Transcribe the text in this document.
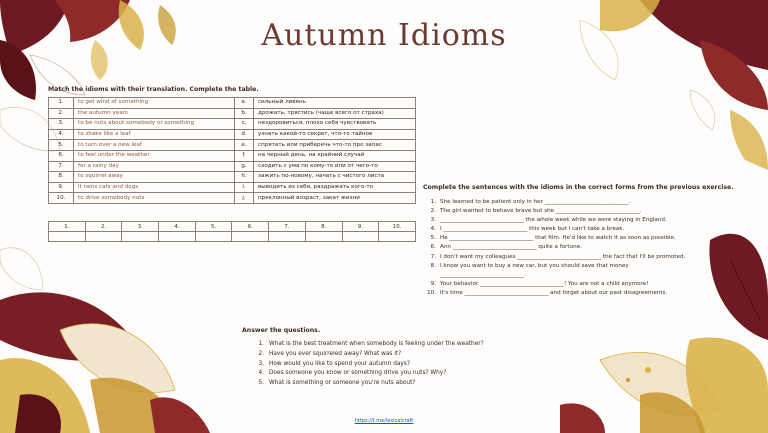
Autumn Idioms
Match the idioms with their translation. Complete the table.
1.	to get wind of something	a.	сильный ливень
2.	the autumn years	b.	дрожать, трястись (чаще всего от страха)
3.	to be nuts about somebody or something	c.	нездоровиться, плохо себя чувствовать
4.	to shake like a leaf	d.	узнать какой-то секрет, что-то тайное
5.	to turn over a new leaf	e.	спрятать или приберечь что-то про запас
6.	to feel under the weather	f.	на черный день, на крайний случай
7.	for a rainy day	g.	сходить с ума по кому-то или от чего-то
8.	to squirrel away	h.	зажить по-новому, начать с чистого листа
9.	it rains cats and dogs	i.	выводить из себя, раздражать кого-то
10.	to drive somebody nuts	j.	преклонный возраст, закат жизни
1.	2.	3.	4.	5.	6.	7.	8.	9.	10.

Complete the sentences with the idioms in the correct forms from the previous exercise.
1. She learned to be patient only in her ______________________________.
2. The girl wanted to behave brave but she ______________________________.
3. ______________________________ the whole week while we were staying in England.
4. I ______________________________ this week but I can't take a break.
5. He ______________________________ that film. He'd like to watch it as soon as possible.
6. Ann ______________________________ quite a fortune.
7. I don't want my colleagues ______________________________ the fact that I'll be promoted.
8. I know you want to buy a new car, but you should save that money
______________________________.
9. Your behavior ______________________________! You are not a child anymore!
10. It's time ______________________________ and forget about our past disagreements.
Answer the questions.
1. What is the best treatment when somebody is feeling under the weather?
2. Have you ever squirreled away? What was it?
3. How would you like to spend your autumn days?
4. Does someone you know or something drive you nuts? Why?
5. What is something or someone you're nuts about?
https://t.me/lexicalcraft
